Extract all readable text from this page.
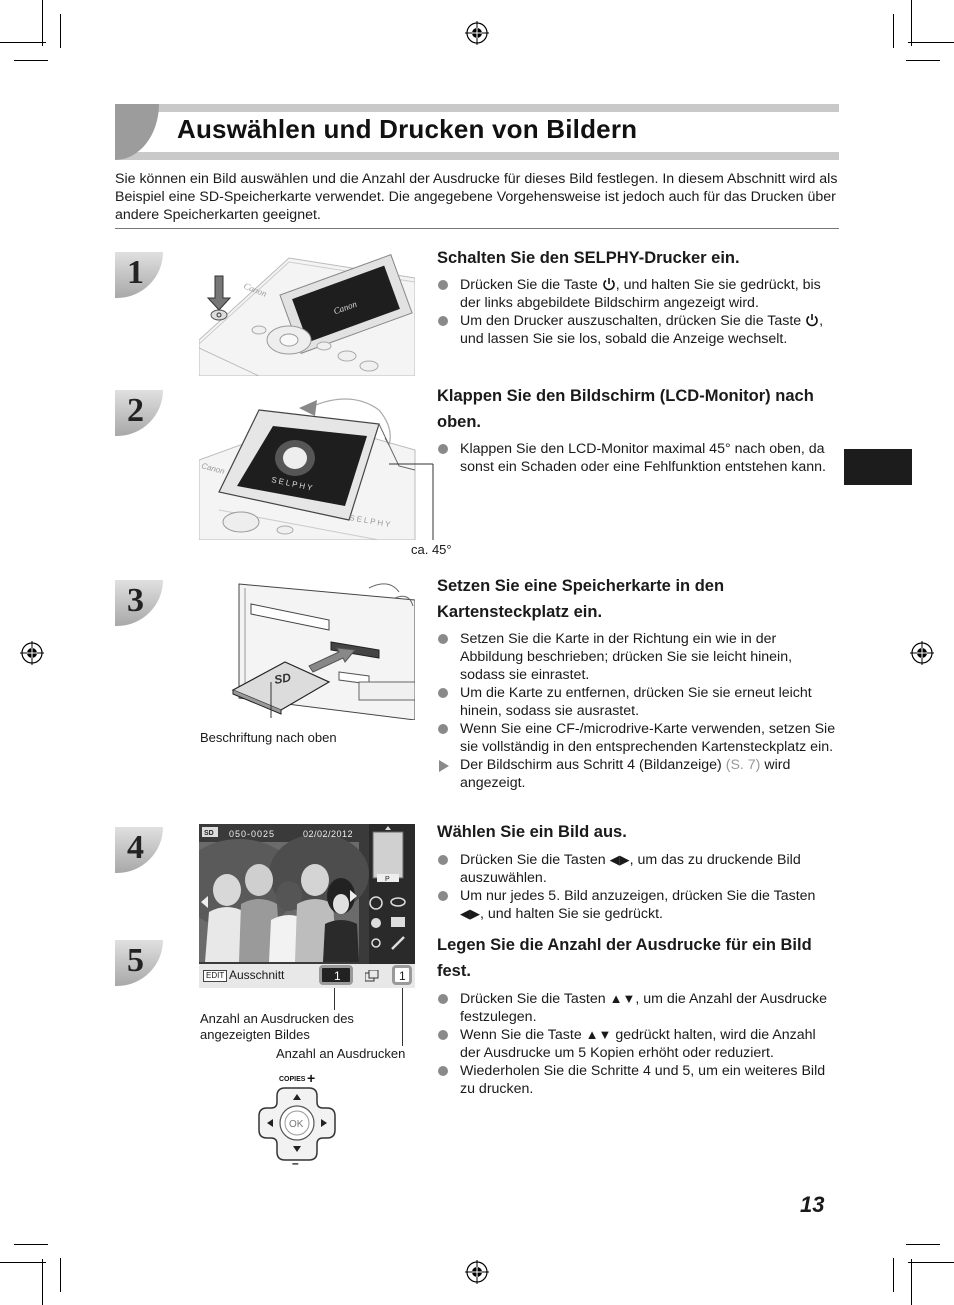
Auswählen und Drucken von Bildern
Sie können ein Bild auswählen und die Anzahl der Ausdrucke für dieses Bild festlegen. In diesem Abschnitt wird als Beispiel eine SD-Speicherkarte verwendet. Die angegebene Vorgehensweise ist jedoch auch für das Drucken über andere Speicherkarten geeignet.
1	Schalten Sie den SELPHY-Drucker ein.
Drücken Sie die Taste , und halten Sie sie gedrückt, bis der links abgebildete Bildschirm angezeigt wird.
Um den Drucker auszuschalten, drücken Sie die Taste , und lassen Sie sie los, sobald die Anzeige wechselt.
Canon
Canon
2	Klappen Sie den Bildschirm (LCD-Monitor) nach oben.
Klappen Sie den LCD-Monitor maximal 45° nach oben, da sonst ein Schaden oder eine Fehlfunktion entstehen kann.
SELPHY
SELPHY
Canon
ca. 45°
3	Setzen Sie eine Speicherkarte in den Kartensteckplatz ein.
Setzen Sie die Karte in der Richtung ein wie in der Abbildung beschrieben; drücken Sie sie leicht hinein, sodass sie einrastet.
Um die Karte zu entfernen, drücken Sie sie erneut leicht hinein, sodass sie ausrastet.
Wenn Sie eine CF-/microdrive-Karte verwenden, setzen Sie sie vollständig in den entsprechenden Kartensteckplatz ein.
Der Bildschirm aus Schritt 4 (Bildanzeige) (S. 7) wird angezeigt.
SD
Beschriftung nach oben
4	Wählen Sie ein Bild aus.
Drücken Sie die Tasten ◀▶, um das zu druckende Bild auszuwählen.
Um nur jedes 5. Bild anzuzeigen, drücken Sie die Tasten ◀▶, und halten Sie sie gedrückt.
SD 050-0025	02/02/2012
P
EDIT Ausschnitt	1	1
Anzahl an Ausdrucken des angezeigten Bildes
Anzahl an Ausdrucken
5	Legen Sie die Anzahl der Ausdrucke für ein Bild fest.
Drücken Sie die Tasten ▲▼, um die Anzahl der Ausdrucke festzulegen.
Wenn Sie die Taste ▲▼ gedrückt halten, wird die Anzahl der Ausdrucke um 5 Kopien erhöht oder reduziert.
Wiederholen Sie die Schritte 4 und 5, um ein weiteres Bild zu drucken.
COPIES +
OK
–
13
